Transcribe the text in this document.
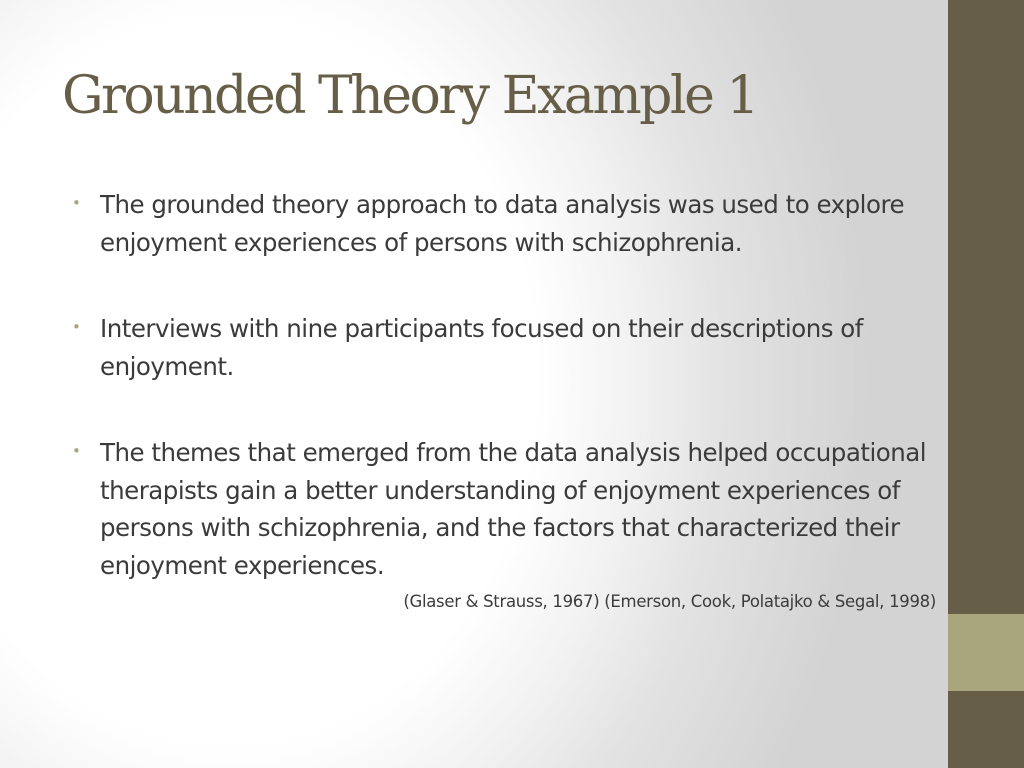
Grounded Theory Example 1
• The grounded theory approach to data analysis was used to explore enjoyment experiences of persons with schizophrenia.
• Interviews with nine participants focused on their descriptions of enjoyment.
• The themes that emerged from the data analysis helped occupational therapists gain a better understanding of enjoyment experiences of persons with schizophrenia, and the factors that characterized their enjoyment experiences.
(Glaser & Strauss, 1967) (Emerson, Cook, Polatajko & Segal, 1998)
